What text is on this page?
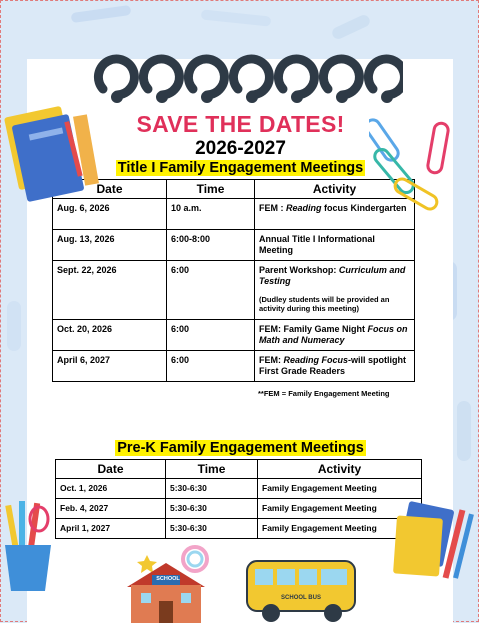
SAVE THE DATES!
2026-2027
Title I Family Engagement Meetings
Date	Time	Activity
Aug. 6, 2026	10 a.m.	FEM : Reading focus Kindergarten
Aug. 13, 2026	6:00-8:00	Annual Title I Informational Meeting
Sept. 22, 2026	6:00	Parent Workshop: Curriculum and Testing
(Dudley students will be provided an activity during this meeting)

Oct. 20, 2026	6:00	FEM: Family Game Night Focus on Math and Numeracy
April 6, 2027	6:00	FEM: Reading Focus-will spotlight First Grade Readers
**FEM = Family Engagement Meeting
Pre-K Family Engagement Meetings
Date	Time	Activity
Oct. 1, 2026	5:30-6:30	Family Engagement Meeting
Feb. 4, 2027	5:30-6:30	Family Engagement Meeting
April 1, 2027	5:30-6:30	Family Engagement Meeting
SCHOOL
SCHOOL BUS
